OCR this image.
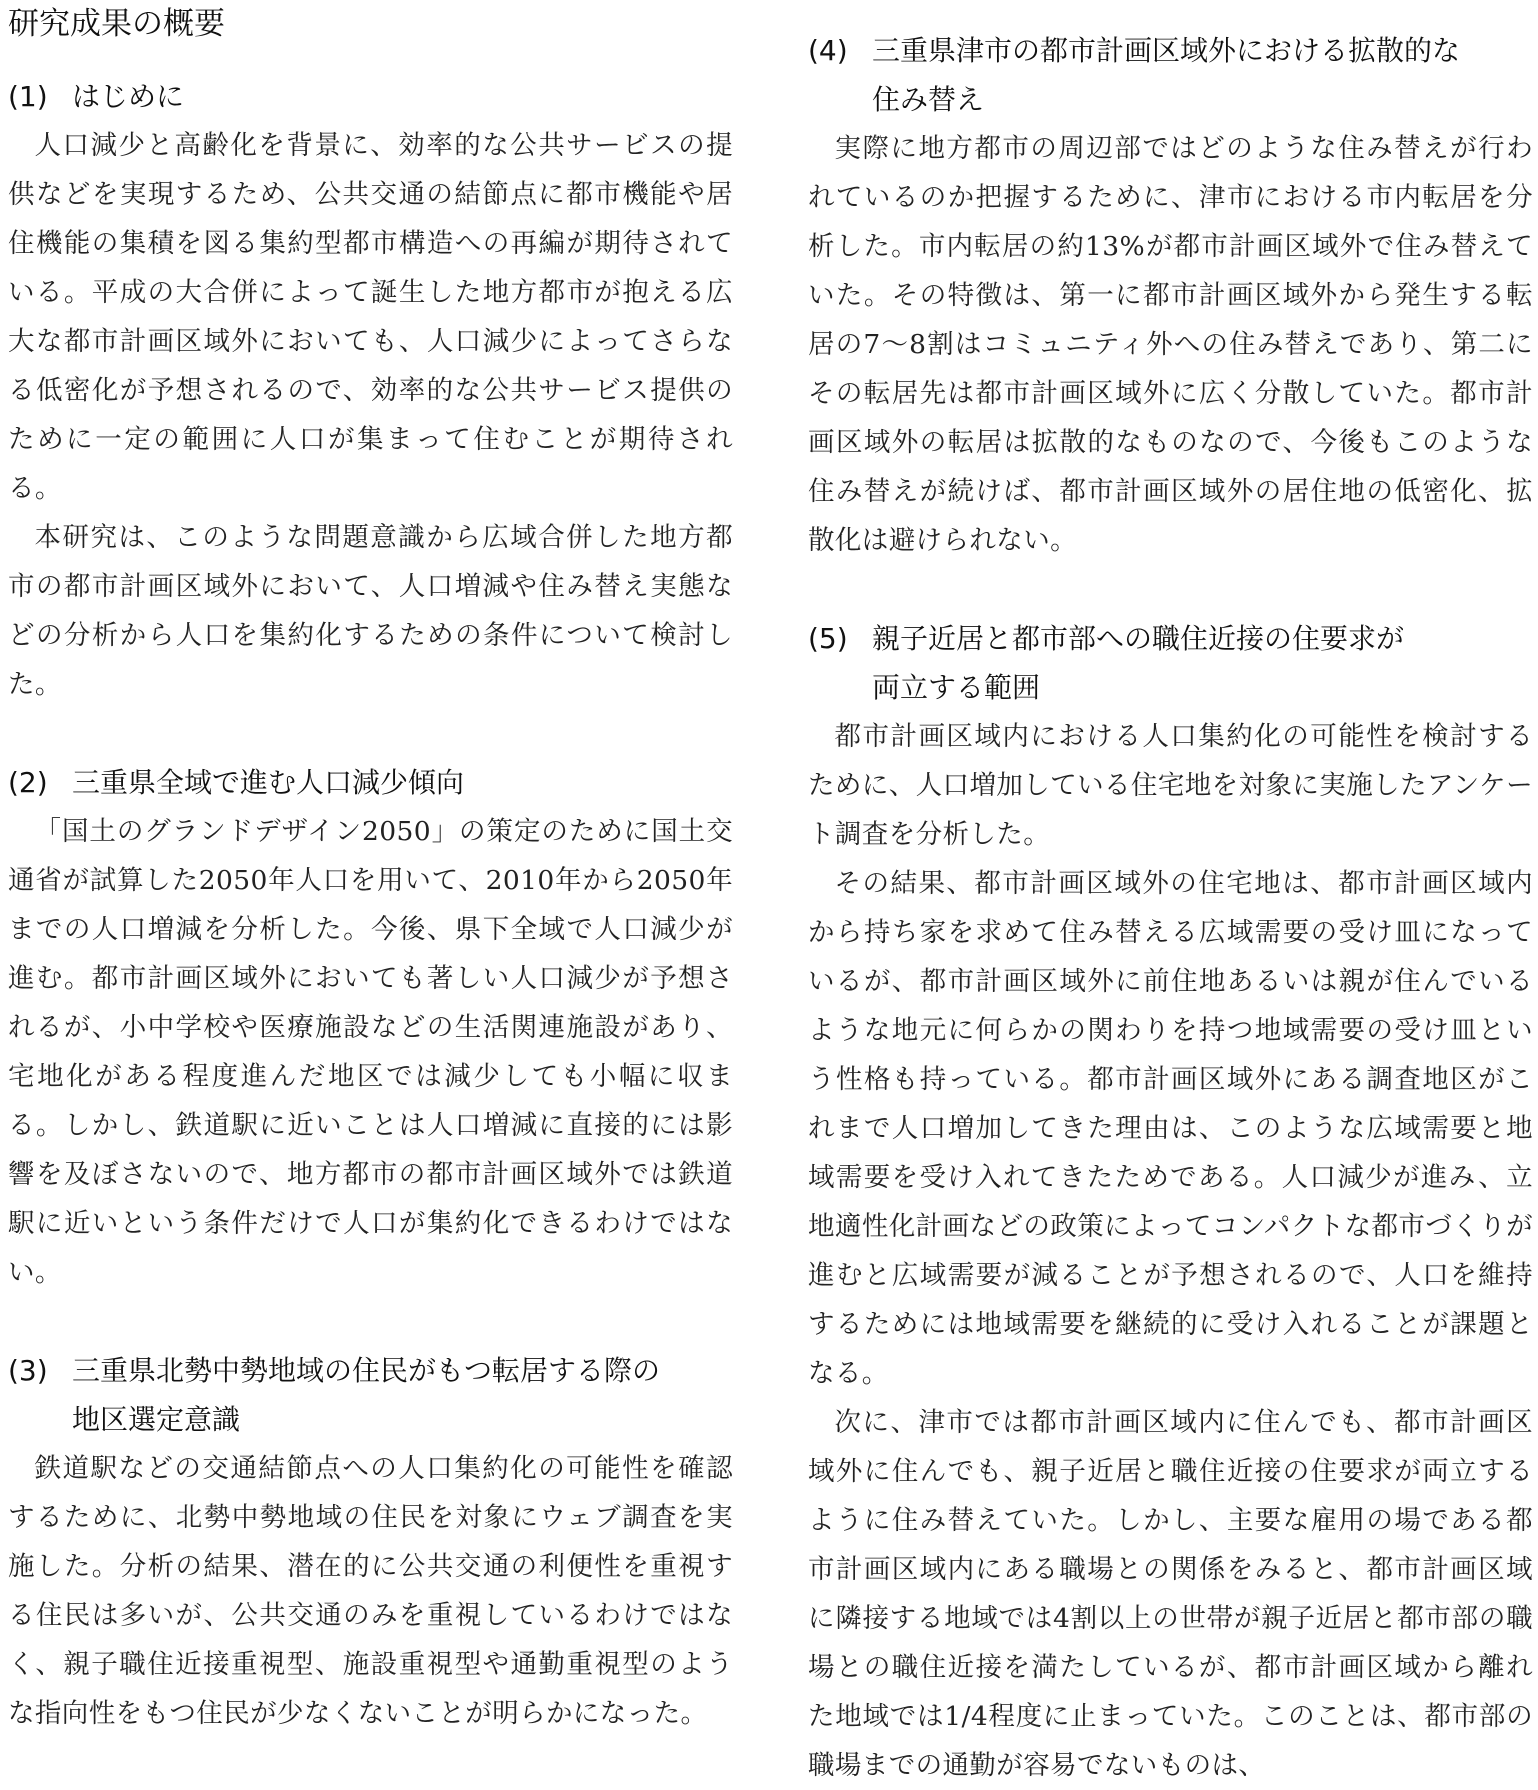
研究成果の概要
(1) はじめに

人口減少と高齢化を背景に、効率的な公共サービスの提供などを実現するため、公共交通の結節点に都市機能や居住機能の集積を図る集約型都市構造への再編が期待されている。平成の大合併によって誕生した地方都市が抱える広大な都市計画区域外においても、人口減少によってさらなる低密化が予想されるので、効率的な公共サービス提供のために一定の範囲に人口が集まって住むことが期待される。

本研究は、このような問題意識から広域合併した地方都市の都市計画区域外において、人口増減や住み替え実態などの分析から人口を集約化するための条件について検討した。

(2) 三重県全域で進む人口減少傾向

「国土のグランドデザイン2050」の策定のために国土交通省が試算した2050年人口を用いて、2010年から2050年までの人口増減を分析した。今後、県下全域で人口減少が進む。都市計画区域外においても著しい人口減少が予想されるが、小中学校や医療施設などの生活関連施設があり、宅地化がある程度進んだ地区では減少しても小幅に収まる。しかし、鉄道駅に近いことは人口増減に直接的には影響を及ぼさないので、地方都市の都市計画区域外では鉄道駅に近いという条件だけで人口が集約化できるわけではない。

(3) 三重県北勢中勢地域の住民がもつ転居する際の
地区選定意識

鉄道駅などの交通結節点への人口集約化の可能性を確認するために、北勢中勢地域の住民を対象にウェブ調査を実施した。分析の結果、潜在的に公共交通の利便性を重視する住民は多いが、公共交通のみを重視しているわけではなく、親子職住近接重視型、施設重視型や通勤重視型のような指向性をもつ住民が少なくないことが明らかになった。

(4) 三重県津市の都市計画区域外における拡散的な
住み替え

実際に地方都市の周辺部ではどのような住み替えが行われているのか把握するために、津市における市内転居を分析した。市内転居の約13%が都市計画区域外で住み替えていた。その特徴は、第一に都市計画区域外から発生する転居の7〜8割はコミュニティ外への住み替えであり、第二にその転居先は都市計画区域外に広く分散していた。都市計画区域外の転居は拡散的なものなので、今後もこのような住み替えが続けば、都市計画区域外の居住地の低密化、拡散化は避けられない。

(5) 親子近居と都市部への職住近接の住要求が
両立する範囲

都市計画区域内における人口集約化の可能性を検討するために、人口増加している住宅地を対象に実施したアンケート調査を分析した。

その結果、都市計画区域外の住宅地は、都市計画区域内から持ち家を求めて住み替える広域需要の受け皿になっているが、都市計画区域外に前住地あるいは親が住んでいるような地元に何らかの関わりを持つ地域需要の受け皿という性格も持っている。都市計画区域外にある調査地区がこれまで人口増加してきた理由は、このような広域需要と地域需要を受け入れてきたためである。人口減少が進み、立地適性化計画などの政策によってコンパクトな都市づくりが進むと広域需要が減ることが予想されるので、人口を維持するためには地域需要を継続的に受け入れることが課題となる。

次に、津市では都市計画区域内に住んでも、都市計画区域外に住んでも、親子近居と職住近接の住要求が両立するように住み替えていた。しかし、主要な雇用の場である都市計画区域内にある職場との関係をみると、都市計画区域に隣接する地域では4割以上の世帯が親子近居と都市部の職場との職住近接を満たしているが、都市計画区域から離れた地域では1/4程度に止まっていた。このことは、都市部の職場までの通勤が容易でないものは、
